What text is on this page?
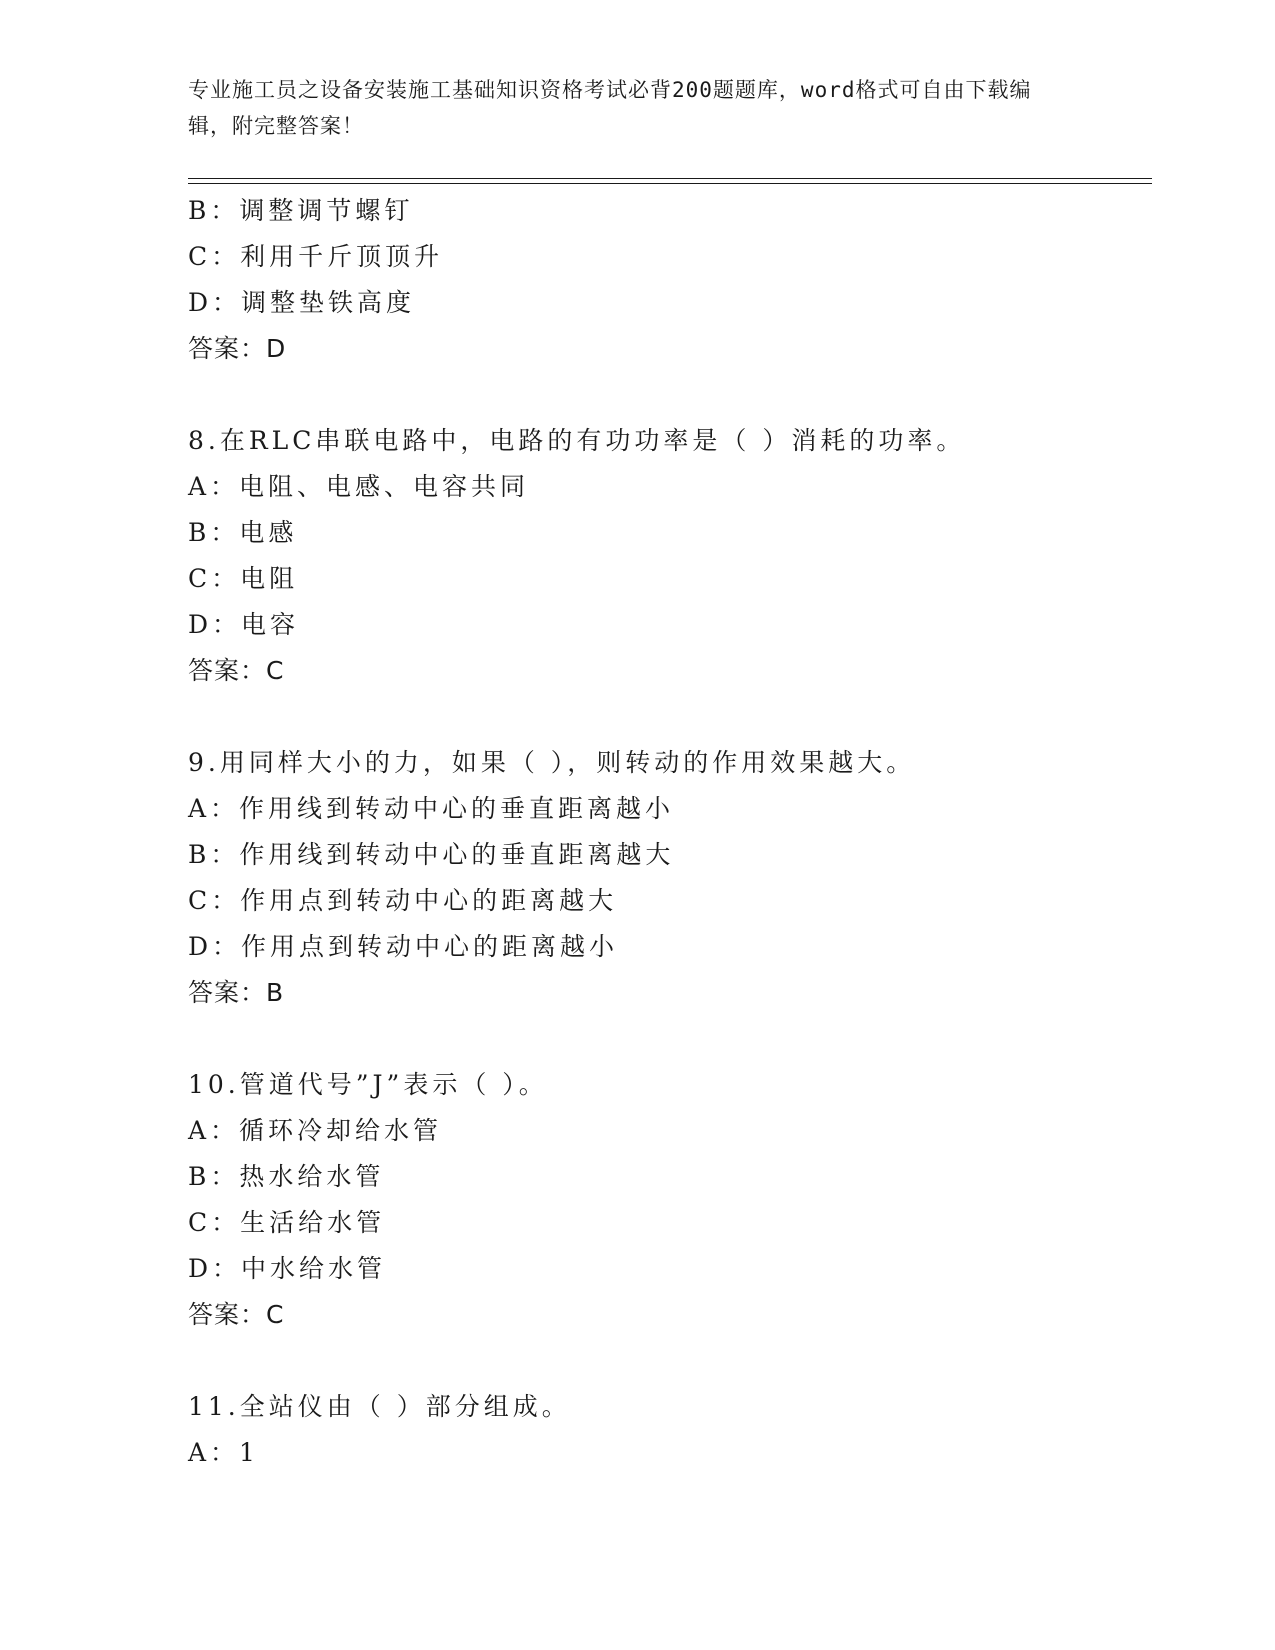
专业施工员之设备安装施工基础知识资格考试必背200题题库，word格式可自由下载编辑，附完整答案！
B：调整调节螺钉
C：利用千斤顶顶升
D：调整垫铁高度
答案：D
8.在RLC串联电路中，电路的有功功率是（ ）消耗的功率。
A：电阻、电感、电容共同
B：电感
C：电阻
D：电容
答案：C
9.用同样大小的力，如果（ ），则转动的作用效果越大。
A：作用线到转动中心的垂直距离越小
B：作用线到转动中心的垂直距离越大
C：作用点到转动中心的距离越大
D：作用点到转动中心的距离越小
答案：B
10.管道代号”J”表示（ ）。
A：循环冷却给水管
B：热水给水管
C：生活给水管
D：中水给水管
答案：C
11.全站仪由（ ）部分组成。
A：1
